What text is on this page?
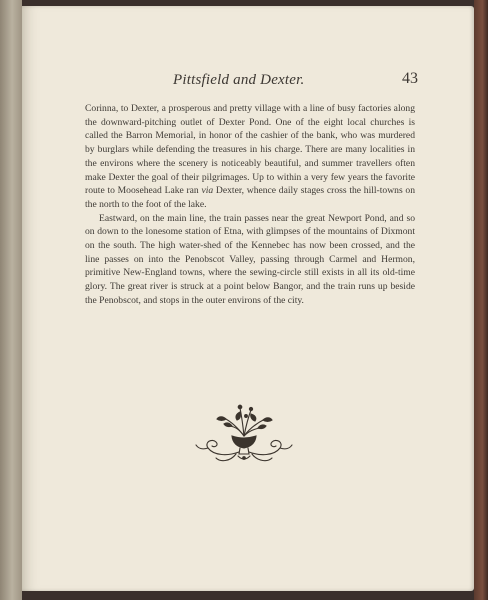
Pittsfield and Dexter.	43

Corinna, to Dexter, a prosperous and pretty village with a line of busy factories along the downward-pitching outlet of Dexter Pond. One of the eight local churches is called the Barron Memorial, in honor of the cashier of the bank, who was murdered by burglars while defending the treasures in his charge. There are many localities in the environs where the scenery is noticeably beautiful, and summer travellers often make Dexter the goal of their pilgrimages. Up to within a very few years the favorite route to Moosehead Lake ran via Dexter, whence daily stages cross the hill-towns on the north to the foot of the lake.

Eastward, on the main line, the train passes near the great Newport Pond, and so on down to the lonesome station of Etna, with glimpses of the mountains of Dixmont on the south. The high water-shed of the Kennebec has now been crossed, and the line passes on into the Penobscot Valley, passing through Carmel and Hermon, primitive New-England towns, where the sewing-circle still exists in all its old-time glory. The great river is struck at a point below Bangor, and the train runs up beside the Penobscot, and stops in the outer environs of the city.
